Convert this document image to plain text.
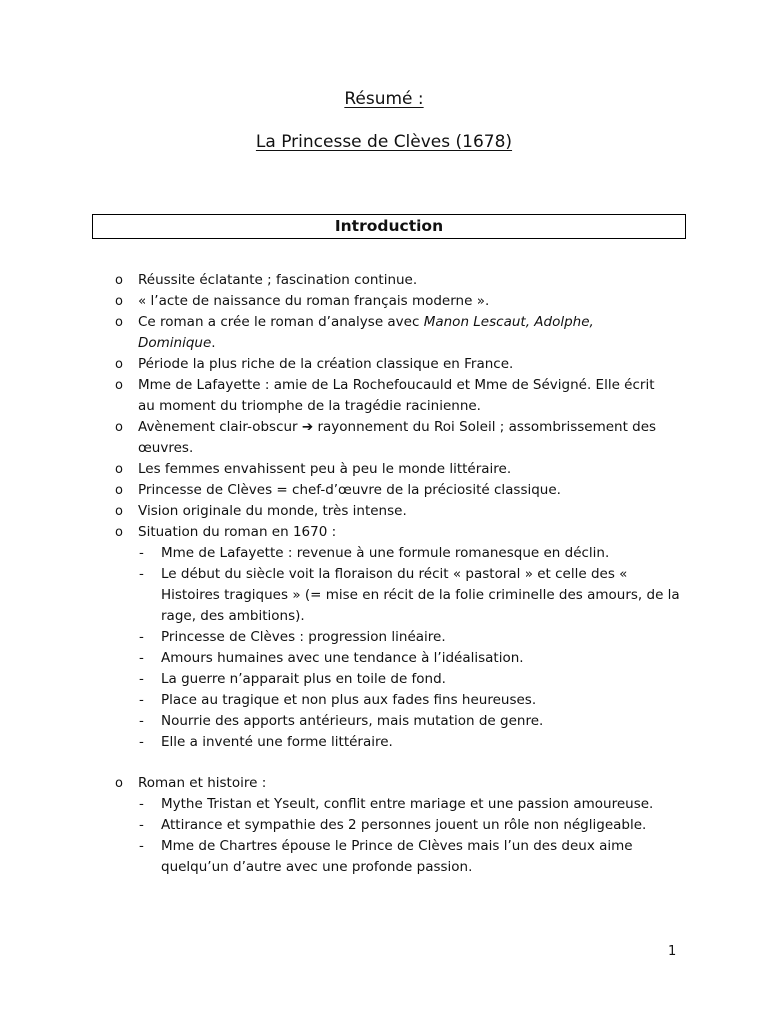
Résumé :
La Princesse de Clèves (1678)
Introduction
o Réussite éclatante ; fascination continue.
o « l’acte de naissance du roman français moderne ».
o Ce roman a crée le roman d’analyse avec Manon Lescaut, Adolphe, Dominique.
o Période la plus riche de la création classique en France.
o Mme de Lafayette : amie de La Rochefoucauld et Mme de Sévigné. Elle écrit au moment du triomphe de la tragédie racinienne.
o Avènement clair-obscur ➔ rayonnement du Roi Soleil ; assombrissement des œuvres.
o Les femmes envahissent peu à peu le monde littéraire.
o Princesse de Clèves = chef-d’œuvre de la préciosité classique.
o Vision originale du monde, très intense.
o Situation du roman en 1670 :
- Mme de Lafayette : revenue à une formule romanesque en déclin.
- Le début du siècle voit la floraison du récit « pastoral » et celle des « Histoires tragiques » (= mise en récit de la folie criminelle des amours, de la rage, des ambitions).
- Princesse de Clèves : progression linéaire.
- Amours humaines avec une tendance à l’idéalisation.
- La guerre n’apparait plus en toile de fond.
- Place au tragique et non plus aux fades fins heureuses.
- Nourrie des apports antérieurs, mais mutation de genre.
- Elle a inventé une forme littéraire.
o Roman et histoire :
- Mythe Tristan et Yseult, conflit entre mariage et une passion amoureuse.
- Attirance et sympathie des 2 personnes jouent un rôle non négligeable.
- Mme de Chartres épouse le Prince de Clèves mais l’un des deux aime quelqu’un d’autre avec une profonde passion.
1
